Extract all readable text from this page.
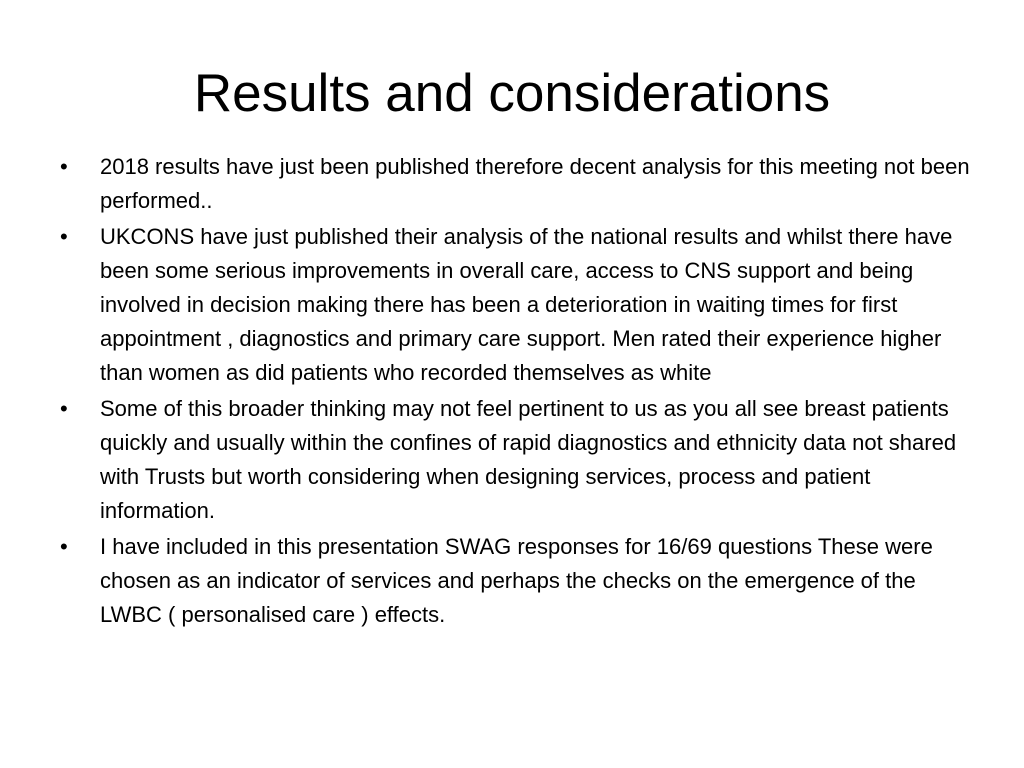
Results and considerations
•	2018 results have just been published therefore decent analysis for this meeting not been performed..
•	UKCONS have just published their analysis of the national results and whilst there have been some serious improvements in overall care, access to CNS support and being involved in decision making there has been a deterioration in waiting times for first appointment , diagnostics and primary care support. Men rated their experience higher than women as did patients who recorded themselves as white
•	Some of this broader thinking may not feel pertinent to us as you all see breast patients quickly and usually within the confines of rapid diagnostics and ethnicity data not shared with Trusts but worth considering when designing services, process and patient information.
•	I have included in this presentation SWAG responses for 16/69 questions These were chosen as an indicator of services and perhaps the checks on the emergence of the LWBC ( personalised care ) effects.
